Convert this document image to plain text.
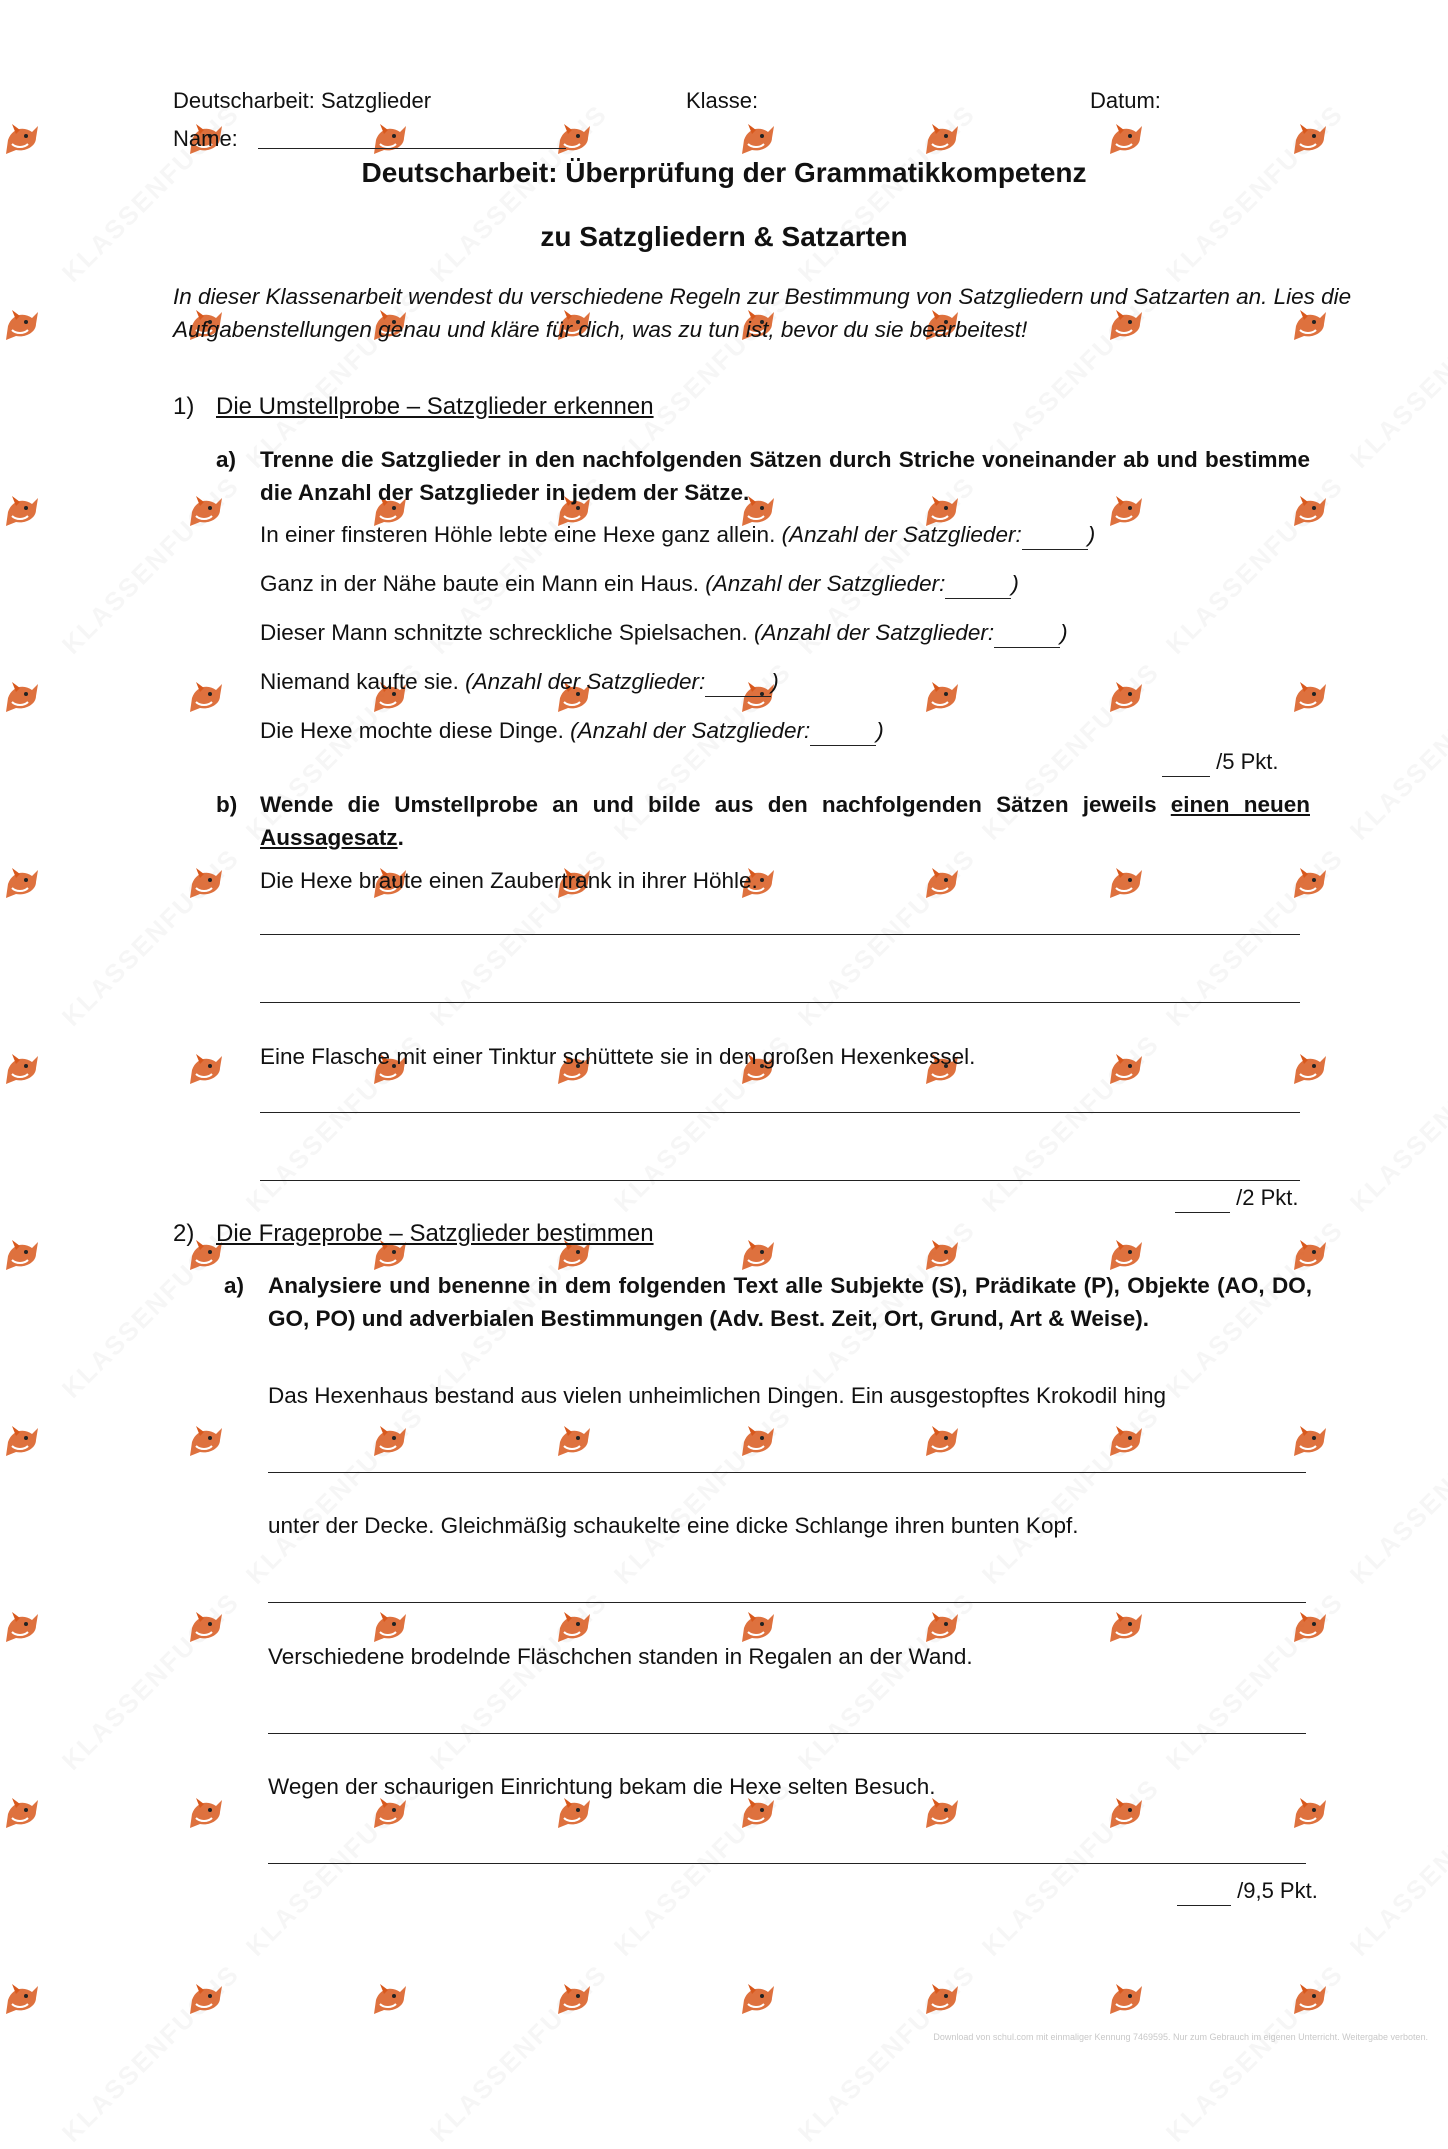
Deutscharbeit: Satzglieder	Klasse:	Datum:
Name:
Deutscharbeit: Überprüfung der Grammatikkompetenz
zu Satzgliedern & Satzarten
In dieser Klassenarbeit wendest du verschiedene Regeln zur Bestimmung von Satzgliedern und Satzarten an. Lies die Aufgabenstellungen genau und kläre für dich, was zu tun ist, bevor du sie bearbeitest!
1) Die Umstellprobe – Satzglieder erkennen
a) Trenne die Satzglieder in den nachfolgenden Sätzen durch Striche voneinander ab und bestimme die Anzahl der Satzglieder in jedem der Sätze.
In einer finsteren Höhle lebte eine Hexe ganz allein. (Anzahl der Satzglieder:	)
Ganz in der Nähe baute ein Mann ein Haus. (Anzahl der Satzglieder:	)
Dieser Mann schnitzte schreckliche Spielsachen. (Anzahl der Satzglieder:	)
Niemand kaufte sie. (Anzahl der Satzglieder:	)
Die Hexe mochte diese Dinge. (Anzahl der Satzglieder:	)
/5 Pkt.
b) Wende die Umstellprobe an und bilde aus den nachfolgenden Sätzen jeweils einen neuen Aussagesatz.
Die Hexe braute einen Zaubertrank in ihrer Höhle.
Eine Flasche mit einer Tinktur schüttete sie in den großen Hexenkessel.
/2 Pkt.
2) Die Frageprobe – Satzglieder bestimmen
a) Analysiere und benenne in dem folgenden Text alle Subjekte (S), Prädikate (P), Objekte (AO, DO, GO, PO) und adverbialen Bestimmungen (Adv. Best. Zeit, Ort, Grund, Art & Weise).
Das Hexenhaus bestand aus vielen unheimlichen Dingen. Ein ausgestopftes Krokodil hing
unter der Decke. Gleichmäßig schaukelte eine dicke Schlange ihren bunten Kopf.
Verschiedene brodelnde Fläschchen standen in Regalen an der Wand.
Wegen der schaurigen Einrichtung bekam die Hexe selten Besuch.
/9,5 Pkt.
Download von schul.com mit einmaliger Kennung 7469595. Nur zum Gebrauch im eigenen Unterricht. Weitergabe verboten.
